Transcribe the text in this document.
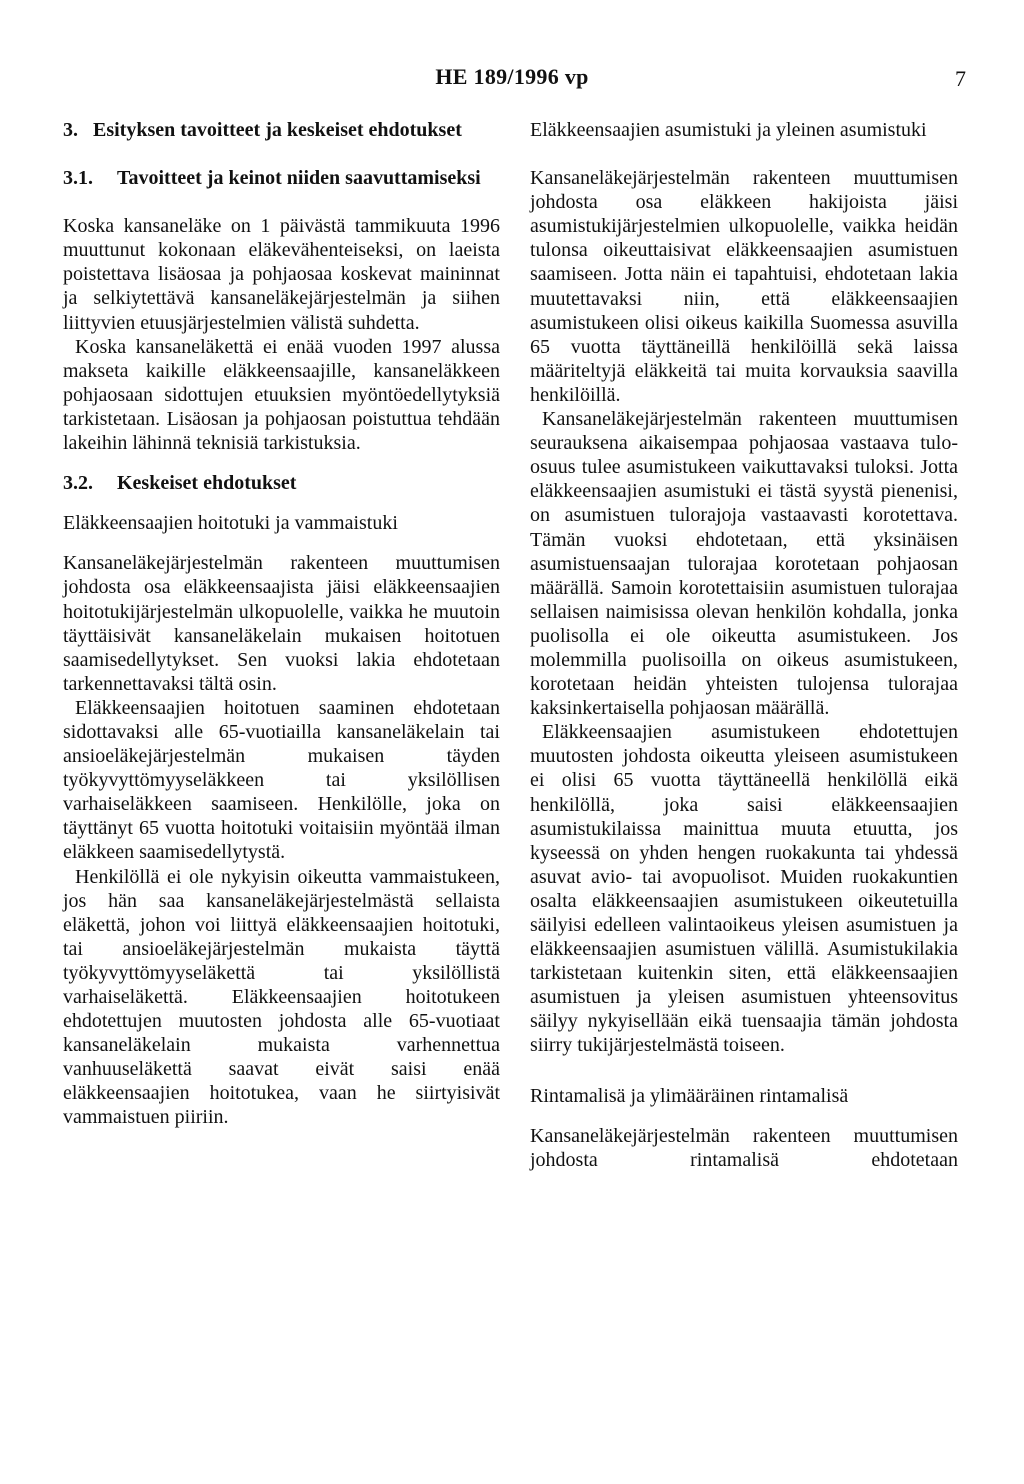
HE 189/1996 vp	7
3. Esityksen tavoitteet ja keskeiset ehdotukset
3.1.	Tavoitteet ja keinot niiden saavuttamiseksi

Koska kansaneläke on 1 päivästä tammikuuta 1996 muuttunut kokonaan eläkevähenteiseksi, on laeista poistettava lisäosaa ja pohjaosaa koskevat maininnat ja selkiytettävä kansaneläkejärjestelmän ja siihen liittyvien etuusjärjestelmien välistä suhdetta.

Koska kansaneläkettä ei enää vuoden 1997 alussa makseta kaikille eläkkeensaajille, kansaneläkkeen pohjaosaan sidottujen etuuksien myöntöedellytyksiä tarkistetaan. Lisäosan ja pohjaosan poistuttua tehdään lakeihin lähinnä teknisiä tarkistuksia.

3.2.	Keskeiset ehdotukset
Eläkkeensaajien hoitotuki ja vammaistuki

Kansaneläkejärjestelmän rakenteen muuttumisen johdosta osa eläkkeensaajista jäisi eläkkeensaajien hoitotukijärjestelmän ulkopuolelle, vaikka he muutoin täyttäisivät kansaneläkelain mukaisen hoitotuen saamisedellytykset. Sen vuoksi lakia ehdotetaan tarkennettavaksi tältä osin.

Eläkkeensaajien hoitotuen saaminen ehdotetaan sidottavaksi alle 65-vuotiailla kansaneläkelain tai ansioeläkejärjestelmän mukaisen täyden työkyvyttömyyseläkkeen tai yksilöllisen varhaiseläkkeen saamiseen. Henkilölle, joka on täyttänyt 65 vuotta hoitotuki voitaisiin myöntää ilman eläkkeen saamisedellytystä.

Henkilöllä ei ole nykyisin oikeutta vammaistukeen, jos hän saa kansaneläkejärjestelmästä sellaista eläkettä, johon voi liittyä eläkkeensaajien hoitotuki, tai ansioeläkejärjestelmän mukaista täyttä työkyvyttömyyseläkettä tai yksilöllistä varhaiseläkettä. Eläkkeensaajien hoitotukeen ehdotettujen muutosten johdosta alle 65-vuotiaat kansaneläkelain mukaista varhennettua vanhuuseläkettä saavat eivät saisi enää eläkkeensaajien hoitotukea, vaan he siirtyisivät vammaistuen piiriin.

Eläkkeensaajien asumistuki ja yleinen asumistuki

Kansaneläkejärjestelmän rakenteen muuttumisen johdosta osa eläkkeen hakijoista jäisi asumistukijärjestelmien ulkopuolelle, vaikka heidän tulonsa oikeuttaisivat eläkkeensaajien asumistuen saamiseen. Jotta näin ei tapahtuisi, ehdotetaan lakia muutettavaksi niin, että eläkkeensaajien asumistukeen olisi oikeus kaikilla Suomessa asuvilla 65 vuotta täyttäneillä henkilöillä sekä laissa määriteltyjä eläkkeitä tai muita korvauksia saavilla henkilöillä.

Kansaneläkejärjestelmän rakenteen muuttumisen seurauksena aikaisempaa pohjaosaa vastaava tulo-osuus tulee asumistukeen vaikuttavaksi tuloksi. Jotta eläkkeensaajien asumistuki ei tästä syystä pienenisi, on asumistuen tulorajoja vastaavasti korotettava. Tämän vuoksi ehdotetaan, että yksinäisen asumistuensaajan tulorajaa korotetaan pohjaosan määrällä. Samoin korotettaisiin asumistuen tulorajaa sellaisen naimisissa olevan henkilön kohdalla, jonka puolisolla ei ole oikeutta asumistukeen. Jos molemmilla puolisoilla on oikeus asumistukeen, korotetaan heidän yhteisten tulojensa tulorajaa kaksinkertaisella pohjaosan määrällä.

Eläkkeensaajien asumistukeen ehdotettujen muutosten johdosta oikeutta yleiseen asumistukeen ei olisi 65 vuotta täyttäneellä henkilöllä eikä henkilöllä, joka saisi eläkkeensaajien asumistukilaissa mainittua muuta etuutta, jos kyseessä on yhden hengen ruokakunta tai yhdessä asuvat avio- tai avopuolisot. Muiden ruokakuntien osalta eläkkeensaajien asumistukeen oikeutetuilla säilyisi edelleen valintaoikeus yleisen asumistuen ja eläkkeensaajien asumistuen välillä. Asumistukilakia tarkistetaan kuitenkin siten, että eläkkeensaajien asumistuen ja yleisen asumistuen yhteensovitus säilyy nykyisellään eikä tuensaajia tämän johdosta siirry tukijärjestelmästä toiseen.

Rintamalisä ja ylimääräinen rintamalisä

Kansaneläkejärjestelmän rakenteen muuttumisen johdosta rintamalisä ehdotetaan
